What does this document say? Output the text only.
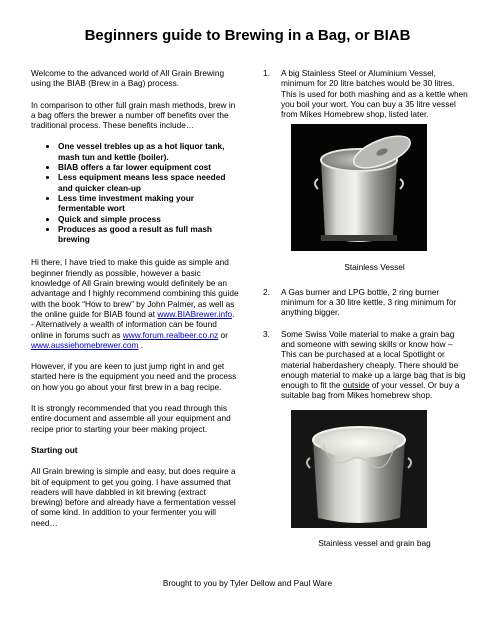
Beginners guide to Brewing in a Bag, or BIAB

Welcome to the advanced world of All Grain Brewing using the BIAB (Brew in a Bag) process.

In comparison to other full grain mash methods, brew in a bag offers the brewer a number off benefits over the traditional process. These benefits include…

• One vessel trebles up as a hot liquor tank, mash tun and kettle (boiler).
• BIAB offers a far lower equipment cost
• Less equipment means less space needed and quicker clean-up
• Less time investment making your fermentable wort
• Quick and simple process
• Produces as good a result as full mash brewing

Hi there, I have tried to make this guide as simple and beginner friendly as possible, however a basic knowledge of All Grain brewing would definitely be an advantage and I highly recommend combining this guide with the book “How to brew” by John Palmer, as well as the online guide for BIAB found at www.BIABrewer.info. - Alternatively a wealth of information can be found online in forums such as www.forum.realbeer.co.nz or www.aussiehomebrewer.com .

However, if you are keen to just jump right in and get started here is the equipment you need and the process on how you go about your first brew in a bag recipe.

It is strongly recommended that you read through this entire document and assemble all your equipment and recipe prior to starting your beer making project.

Starting out

All Grain brewing is simple and easy, but does require a bit of equipment to get you going. I have assumed that readers will have dabbled in kit brewing (extract brewing) before and already have a fermentation vessel of some kind. In addition to your fermenter you will need…

1. A big Stainless Steel or Aluminium Vessel, minimum for 20 litre batches would be 30 litres. This is used for both mashing and as a kettle when you boil your wort. You can buy a 35 litre vessel from Mikes Homebrew shop, listed later.
Stainless Vessel
2. A Gas burner and LPG bottle, 2 ring burner minimum for a 30 litre kettle, 3 ring minimum for anything bigger.
3. Some Swiss Voile material to make a grain bag and someone with sewing skills or know how – This can be purchased at a local Spotlight or material haberdashery cheaply. There should be enough material to make up a large bag that is big enough to fit the outside of your vessel. Or buy a suitable bag from Mikes homebrew shop.
Stainless vessel and grain bag
Brought to you by Tyler Dellow and Paul Ware
